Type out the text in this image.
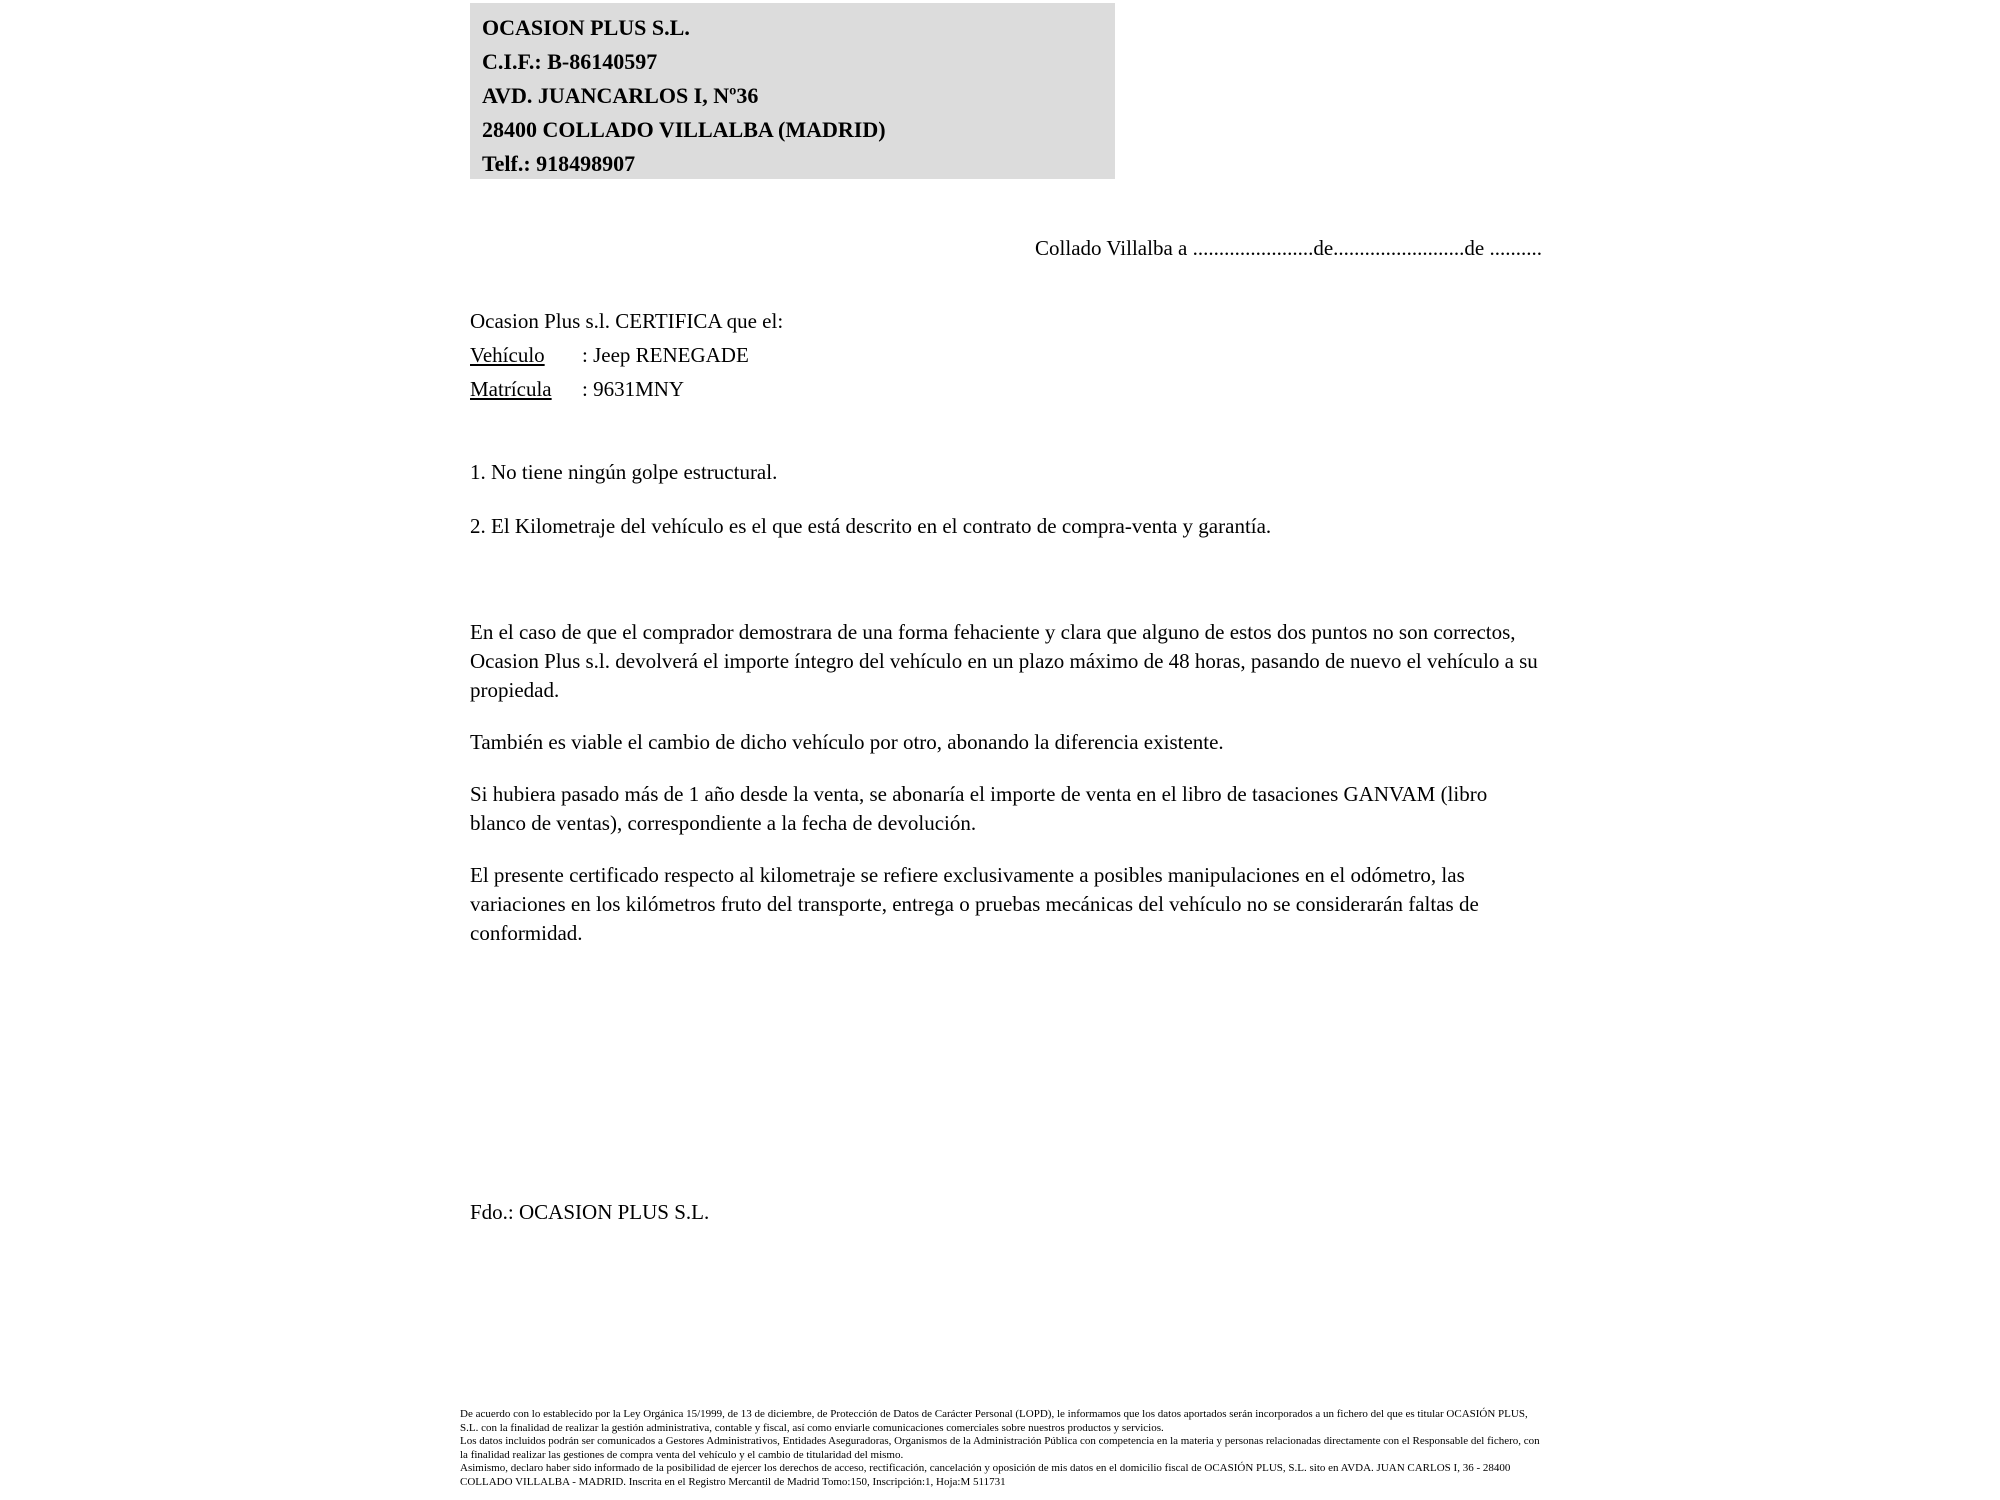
OCASION PLUS S.L.
C.I.F.: B-86140597
AVD. JUANCARLOS I, Nº36
28400 COLLADO VILLALBA (MADRID)
Telf.: 918498907
Collado Villalba a .......................de.........................de ..........
Ocasion Plus s.l. CERTIFICA que el:
Vehículo : Jeep RENEGADE
Matrícula : 9631MNY
1. No tiene ningún golpe estructural.
2. El Kilometraje del vehículo es el que está descrito en el contrato de compra-venta y garantía.

En el caso de que el comprador demostrara de una forma fehaciente y clara que alguno de estos dos puntos no son correctos, Ocasion Plus s.l. devolverá el importe íntegro del vehículo en un plazo máximo de 48 horas, pasando de nuevo el vehículo a su propiedad.

También es viable el cambio de dicho vehículo por otro, abonando la diferencia existente.

Si hubiera pasado más de 1 año desde la venta, se abonaría el importe de venta en el libro de tasaciones GANVAM (libro blanco de ventas), correspondiente a la fecha de devolución.

El presente certificado respecto al kilometraje se refiere exclusivamente a posibles manipulaciones en el odómetro, las variaciones en los kilómetros fruto del transporte, entrega o pruebas mecánicas del vehículo no se considerarán faltas de conformidad.

Fdo.: OCASION PLUS S.L.

De acuerdo con lo establecido por la Ley Orgánica 15/1999, de 13 de diciembre, de Protección de Datos de Carácter Personal (LOPD), le informamos que los datos aportados serán incorporados a un fichero del que es titular OCASIÓN PLUS, S.L. con la finalidad de realizar la gestión administrativa, contable y fiscal, así como enviarle comunicaciones comerciales sobre nuestros productos y servicios.

Los datos incluidos podrán ser comunicados a Gestores Administrativos, Entidades Aseguradoras, Organismos de la Administración Pública con competencia en la materia y personas relacionadas directamente con el Responsable del fichero, con la finalidad realizar las gestiones de compra venta del vehículo y el cambio de titularidad del mismo.

Asimismo, declaro haber sido informado de la posibilidad de ejercer los derechos de acceso, rectificación, cancelación y oposición de mis datos en el domicilio fiscal de OCASIÓN PLUS, S.L. sito en AVDA. JUAN CARLOS I, 36 - 28400 COLLADO VILLALBA - MADRID. Inscrita en el Registro Mercantil de Madrid Tomo:150, Inscripción:1, Hoja:M 511731
